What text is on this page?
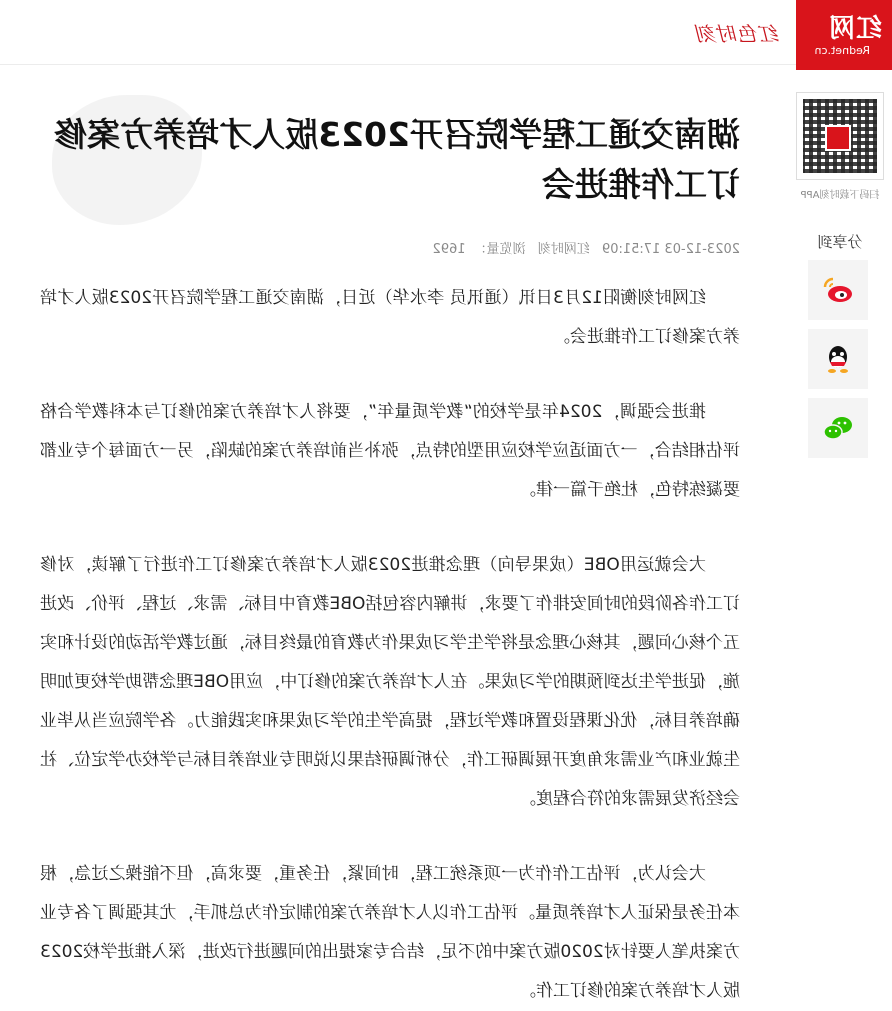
红网
Rednet.cn
红色时刻
扫码下载时刻APP
分享到
湖南交通工程学院召开2023版人才培养方案修订工作推进会
2023-12-03 17:51:09 红网时刻 浏览量：1692

红网时刻衡阳12月3日讯（通讯员 李水华）近日，湖南交通工程学院召开2023版人才培养方案修订工作推进会。

推进会强调，2024年是学校的“教学质量年”，要将人才培养方案的修订与本科教学合格评估相结合，一方面适应学校应用型的特点，弥补当前培养方案的缺陷，另一方面每个专业都要凝练特色，杜绝千篇一律。

大会就运用OBE（成果导向）理念推进2023版人才培养方案修订工作进行了解读，对修订工作各阶段的时间安排作了要求，讲解内容包括OBE教育中目标、需求、过程、评价、改进五个核心问题，其核心理念是将学生学习成果作为教育的最终目标，通过教学活动的设计和实施，促进学生达到预期的学习成果。在人才培养方案的修订中，应用OBE理念帮助学校更加明确培养目标，优化课程设置和教学过程，提高学生的学习成果和实践能力。各学院应当从毕业生就业和产业需求角度开展调研工作，分析调研结果以说明专业培养目标与学校办学定位、社会经济发展需求的符合程度。

大会认为，评估工作作为一项系统工程，时间紧，任务重，要求高，但不能操之过急，根本任务是保证人才培养质量。评估工作以人才培养方案的制定作为总抓手，尤其强调了各专业方案执笔人要针对2020版方案中的不足，结合专家提出的问题进行改进，深入推进学校2023版人才培养方案的修订工作。
